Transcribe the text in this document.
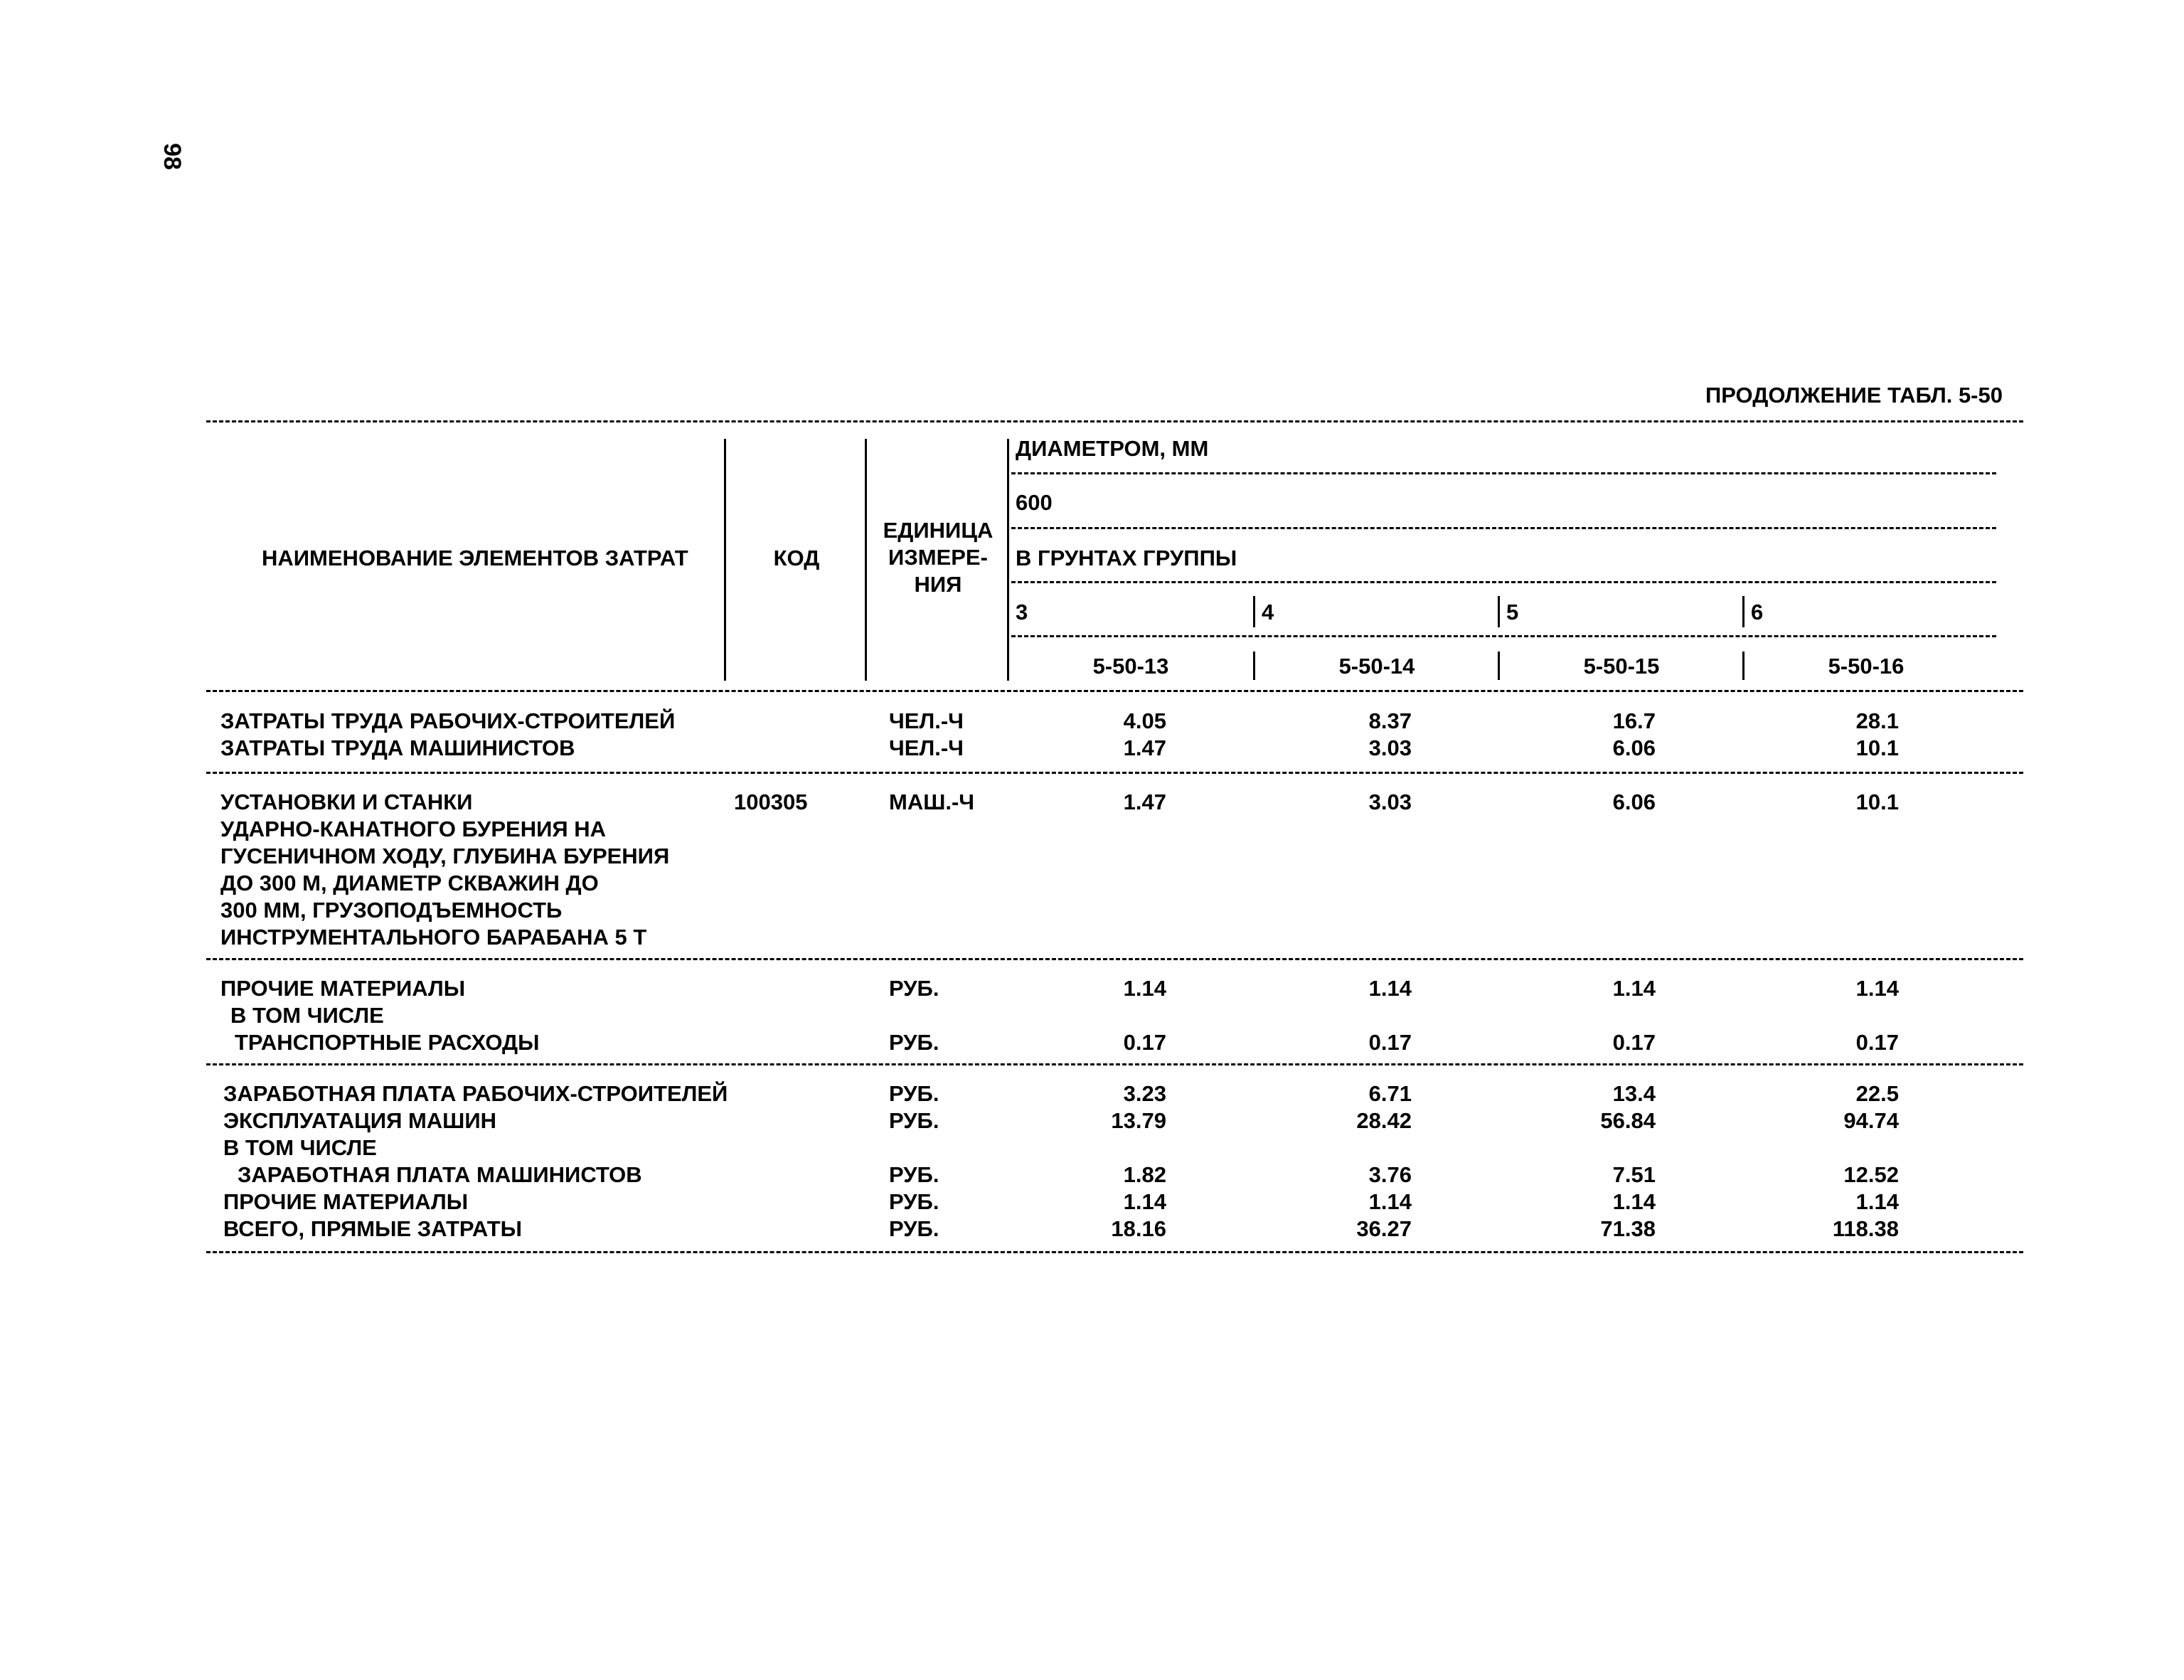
98
ПРОДОЛЖЕНИЕ ТАБЛ. 5-50
НАИМЕНОВАНИЕ ЭЛЕМЕНТОВ ЗАТРАТ	КОД
ЕДИНИЦА
ИЗМЕРЕ-
НИЯ
ДИАМЕТРОМ, ММ
600
В ГРУНТАХ ГРУППЫ
3	4	5	6
5-50-13	5-50-14	5-50-15	5-50-16
ЗАТРАТЫ ТРУДА РАБОЧИХ-СТРОИТЕЛЕЙ	ЧЕЛ.-Ч	4.05	8.37	16.7	28.1
ЗАТРАТЫ ТРУДА МАШИНИСТОВ	ЧЕЛ.-Ч	1.47	3.03	6.06	10.1
УСТАНОВКИ И СТАНКИ
УДАРНО-КАНАТНОГО БУРЕНИЯ НА
ГУСЕНИЧНОМ ХОДУ, ГЛУБИНА БУРЕНИЯ
ДО 300 М, ДИАМЕТР СКВАЖИН ДО
300 ММ, ГРУЗОПОДЪЕМНОСТЬ
ИНСТРУМЕНТАЛЬНОГО БАРАБАНА 5 Т
100305	МАШ.-Ч	1.47	3.03	6.06	10.1
ПРОЧИЕ МАТЕРИАЛЫ	РУБ.	1.14	1.14	1.14	1.14
В ТОМ ЧИСЛЕ
ТРАНСПОРТНЫЕ РАСХОДЫ	РУБ.	0.17	0.17	0.17	0.17
ЗАРАБОТНАЯ ПЛАТА РАБОЧИХ-СТРОИТЕЛЕЙ	РУБ.	3.23	6.71	13.4	22.5
ЭКСПЛУАТАЦИЯ МАШИН	РУБ.	13.79	28.42	56.84	94.74
В ТОМ ЧИСЛЕ
ЗАРАБОТНАЯ ПЛАТА МАШИНИСТОВ	РУБ.	1.82	3.76	7.51	12.52
ПРОЧИЕ МАТЕРИАЛЫ	РУБ.	1.14	1.14	1.14	1.14
ВСЕГО, ПРЯМЫЕ ЗАТРАТЫ	РУБ.	18.16	36.27	71.38	118.38
